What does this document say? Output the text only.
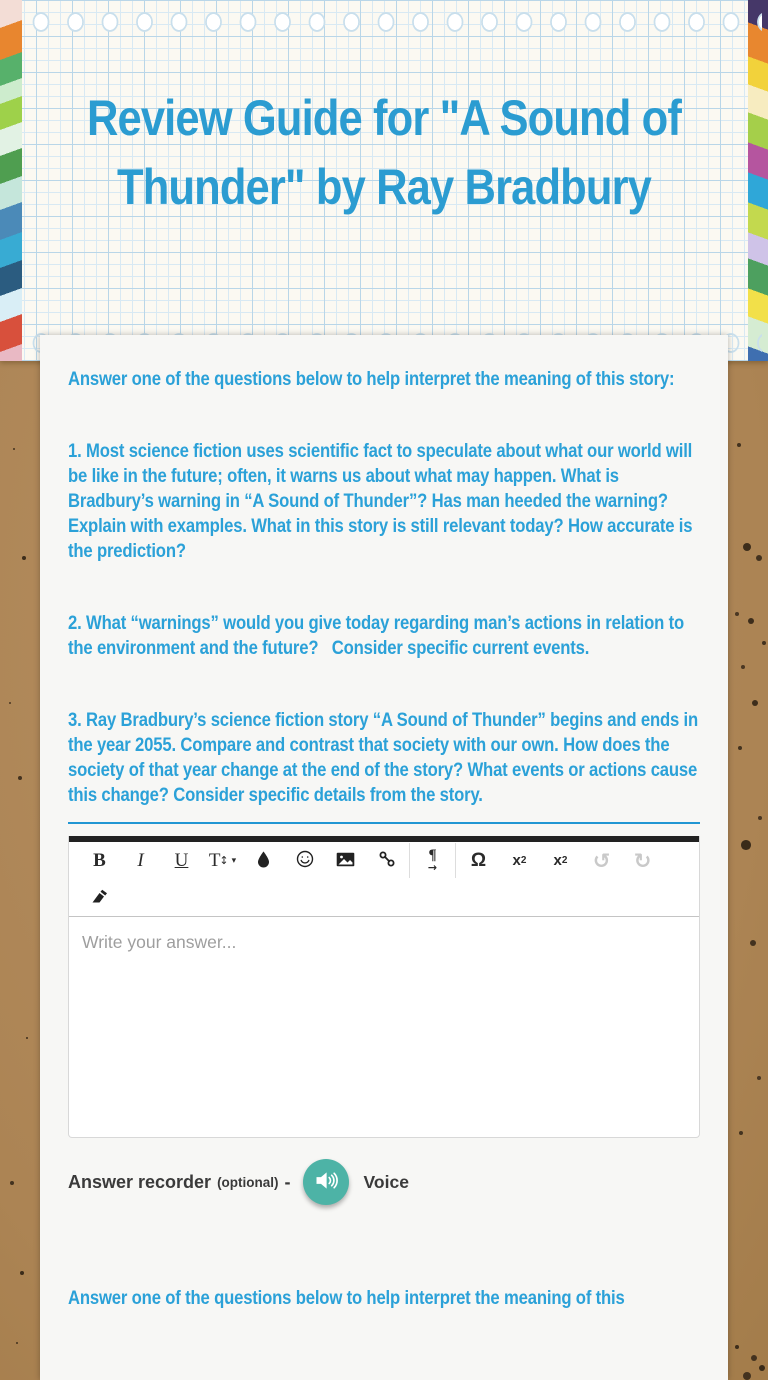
Review Guide for "A Sound of Thunder" by Ray Bradbury
Answer one of the questions below to help interpret the meaning of this story:
1. Most science fiction uses scientific fact to speculate about what our world will be like in the future; often, it warns us about what may happen. What is Bradbury’s warning in “A Sound of Thunder”? Has man heeded the warning? Explain with examples. What in this story is still relevant today? How accurate is the prediction?
2. What “warnings” would you give today regarding man’s actions in relation to the environment and the future?   Consider specific current events.
3. Ray Bradbury’s science fiction story “A Sound of Thunder” begins and ends in the year 2055. Compare and contrast that society with our own. How does the society of that year change at the end of the story? What events or actions cause this change? Consider specific details from the story.
B	I	U	T ↕ ▾	¶
→	Ω	x 2 x 2	↺	↻
Write your answer...
Answer recorder (optional) -	Voice
Answer one of the questions below to help interpret the meaning of this
